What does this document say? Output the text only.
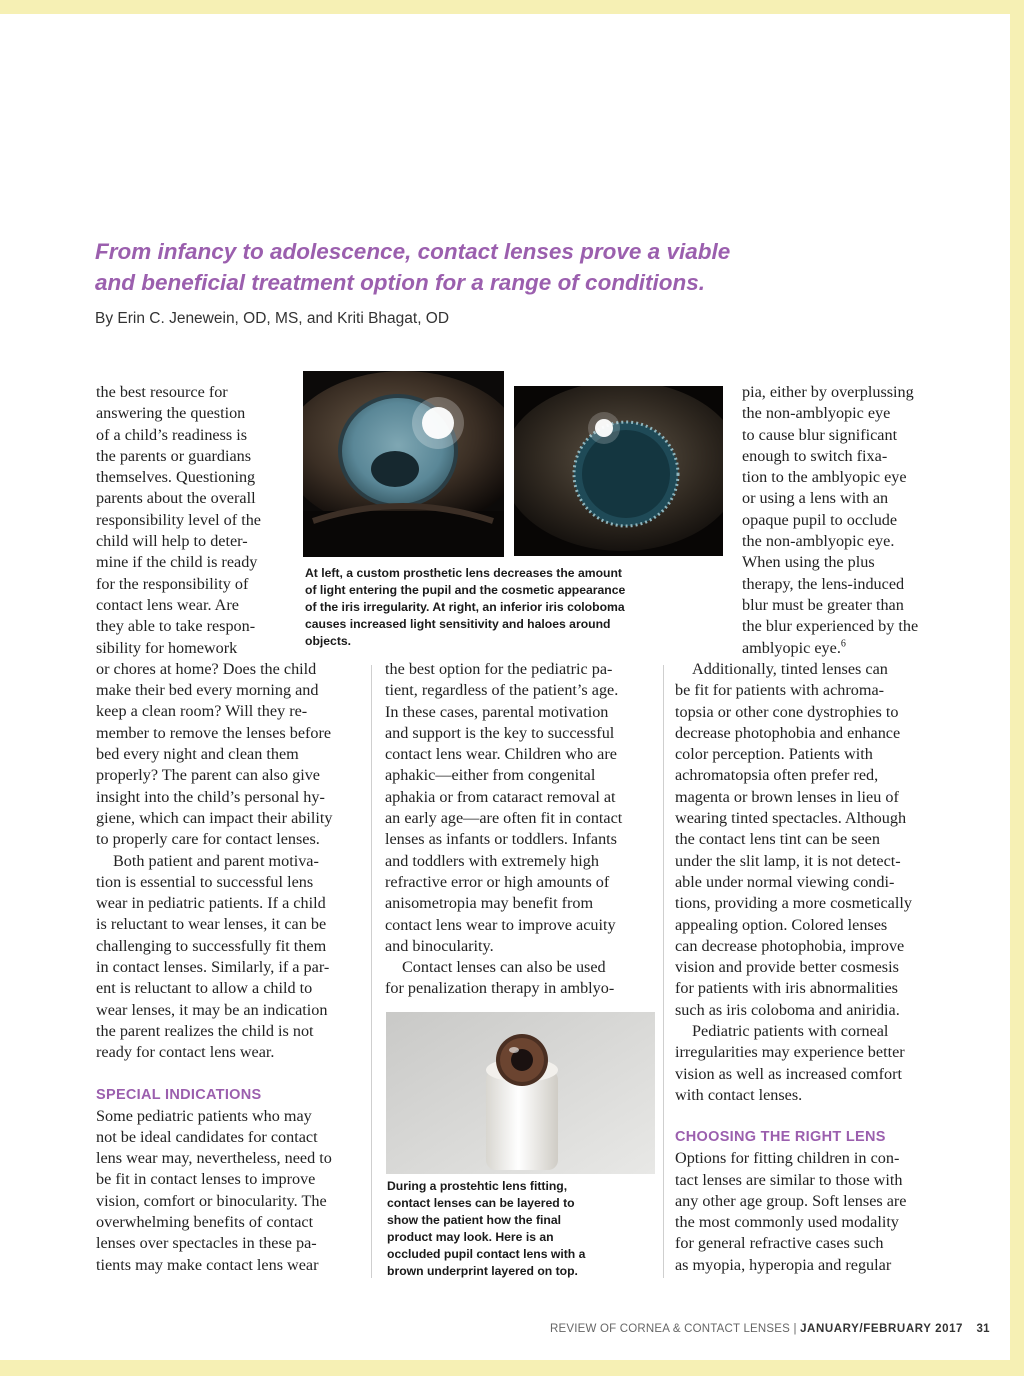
From infancy to adolescence, contact lenses prove a viable
and beneficial treatment option for a range of conditions.

By Erin C. Jenewein, OD, MS, and Kriti Bhagat, OD

the best resource for
answering the question
of a child’s readiness is
the parents or guardians
themselves. Questioning
parents about the overall
responsibility level of the
child will help to deter-
mine if the child is ready
for the responsibility of
contact lens wear. Are
they able to take respon-
sibility for homework
or chores at home? Does the child
make their bed every morning and
keep a clean room? Will they re-
member to remove the lenses before
bed every night and clean them
properly? The parent can also give
insight into the child’s personal hy-
giene, which can impact their ability
to properly care for contact lenses.

Both patient and parent motiva-
tion is essential to successful lens
wear in pediatric patients. If a child
is reluctant to wear lenses, it can be
challenging to successfully fit them
in contact lenses. Similarly, if a par-
ent is reluctant to allow a child to
wear lenses, it may be an indication
the parent realizes the child is not
ready for contact lens wear.

SPECIAL INDICATIONS

Some pediatric patients who may
not be ideal candidates for contact
lens wear may, nevertheless, need to
be fit in contact lenses to improve
vision, comfort or binocularity. The
overwhelming benefits of contact
lenses over spectacles in these pa-
tients may make contact lens wear

At left, a custom prosthetic lens decreases the amount
of light entering the pupil and the cosmetic appearance
of the iris irregularity. At right, an inferior iris coloboma
causes increased light sensitivity and haloes around
objects.

the best option for the pediatric pa-
tient, regardless of the patient’s age.
In these cases, parental motivation
and support is the key to successful
contact lens wear. Children who are
aphakic—either from congenital
aphakia or from cataract removal at
an early age—are often fit in contact
lenses as infants or toddlers. Infants
and toddlers with extremely high
refractive error or high amounts of
anisometropia may benefit from
contact lens wear to improve acuity
and binocularity.

Contact lenses can also be used
for penalization therapy in amblyo-

During a prostehtic lens fitting,
contact lenses can be layered to
show the patient how the final
product may look. Here is an
occluded pupil contact lens with a
brown underprint layered on top.

pia, either by overplussing
the non-amblyopic eye
to cause blur significant
enough to switch fixa-
tion to the amblyopic eye
or using a lens with an
opaque pupil to occlude
the non-amblyopic eye.
When using the plus
therapy, the lens-induced
blur must be greater than
the blur experienced by the
amblyopic eye.$^6$

Additionally, tinted lenses can
be fit for patients with achroma-
topsia or other cone dystrophies to
decrease photophobia and enhance
color perception. Patients with
achromatopsia often prefer red,
magenta or brown lenses in lieu of
wearing tinted spectacles. Although
the contact lens tint can be seen
under the slit lamp, it is not detect-
able under normal viewing condi-
tions, providing a more cosmetically
appealing option. Colored lenses
can decrease photophobia, improve
vision and provide better cosmesis
for patients with iris abnormalities
such as iris coloboma and aniridia.

Pediatric patients with corneal
irregularities may experience better
vision as well as increased comfort
with contact lenses.

CHOOSING THE RIGHT LENS

Options for fitting children in con-
tact lenses are similar to those with
any other age group. Soft lenses are
the most commonly used modality
for general refractive cases such
as myopia, hyperopia and regular

REVIEW OF CORNEA & CONTACT LENSES | JANUARY/FEBRUARY 2017 31
